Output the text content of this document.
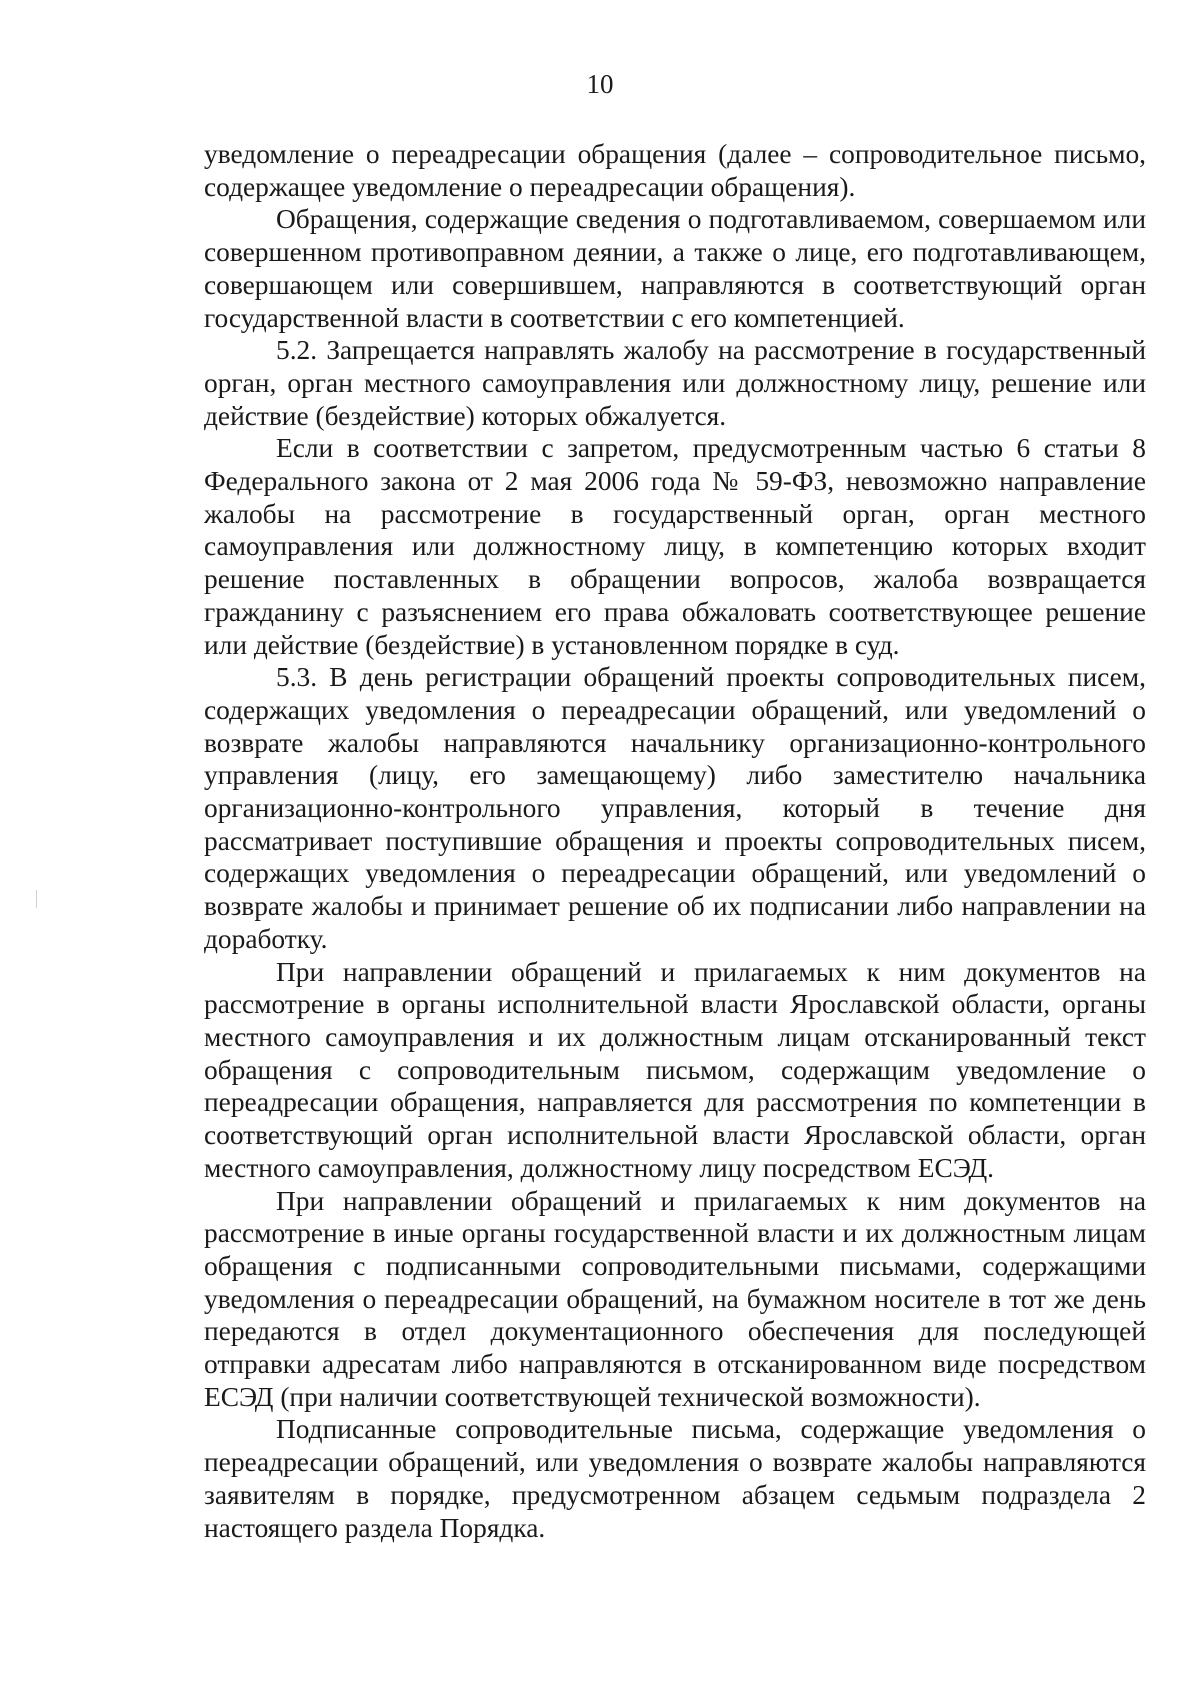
10

уведомление о переадресации обращения (далее – сопроводительное письмо, содержащее уведомление о переадресации обращения).

Обращения, содержащие сведения о подготавливаемом, совершаемом или совершенном противоправном деянии, а также о лице, его подготавливающем, совершающем или совершившем, направляются в соответствующий орган государственной власти в соответствии с его компетенцией.

5.2. Запрещается направлять жалобу на рассмотрение в государственный орган, орган местного самоуправления или должностному лицу, решение или действие (бездействие) которых обжалуется.

Если в соответствии с запретом, предусмотренным частью 6 статьи 8 Федерального закона от 2 мая 2006 года № 59-ФЗ, невозможно направление жалобы на рассмотрение в государственный орган, орган местного самоуправления или должностному лицу, в компетенцию которых входит решение поставленных в обращении вопросов, жалоба возвращается гражданину с разъяснением его права обжаловать соответствующее решение или действие (бездействие) в установленном порядке в суд.

5.3. В день регистрации обращений проекты сопроводительных писем, содержащих уведомления о переадресации обращений, или уведомлений о возврате жалобы направляются начальнику организационно-контрольного управления (лицу, его замещающему) либо заместителю начальника организационно-контрольного управления, который в течение дня рассматривает поступившие обращения и проекты сопроводительных писем, содержащих уведомления о переадресации обращений, или уведомлений о возврате жалобы и принимает решение об их подписании либо направлении на доработку.

При направлении обращений и прилагаемых к ним документов на рассмотрение в органы исполнительной власти Ярославской области, органы местного самоуправления и их должностным лицам отсканированный текст обращения с сопроводительным письмом, содержащим уведомление о переадресации обращения, направляется для рассмотрения по компетенции в соответствующий орган исполнительной власти Ярославской области, орган местного самоуправления, должностному лицу посредством ЕСЭД.

При направлении обращений и прилагаемых к ним документов на рассмотрение в иные органы государственной власти и их должностным лицам обращения с подписанными сопроводительными письмами, содержащими уведомления о переадресации обращений, на бумажном носителе в тот же день передаются в отдел документационного обеспечения для последующей отправки адресатам либо направляются в отсканированном виде посредством ЕСЭД (при наличии соответствующей технической возможности).

Подписанные сопроводительные письма, содержащие уведомления о переадресации обращений, или уведомления о возврате жалобы направляются заявителям в порядке, предусмотренном абзацем седьмым подраздела 2 настоящего раздела Порядка.
